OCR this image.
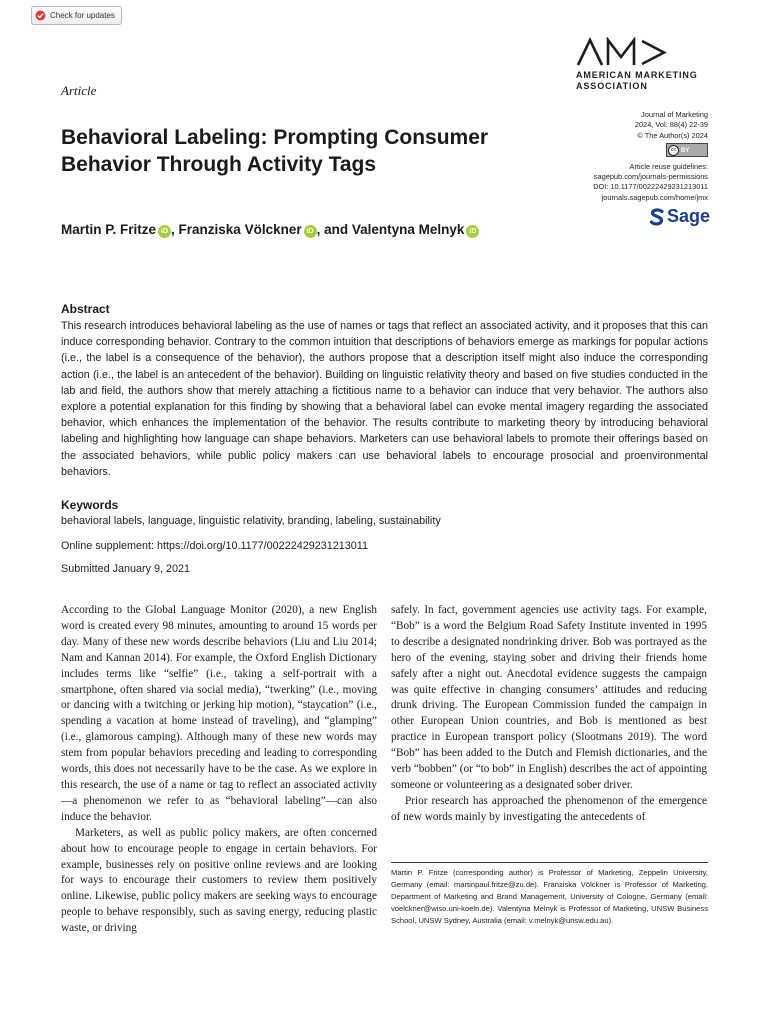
Check for updates
AMERICAN MARKETING
ASSOCIATION
Article
Behavioral Labeling: Prompting Consumer Behavior Through Activity Tags
Journal of Marketing
2024, Vol. 88(4) 22-39
© The Author(s) 2024
cc BY
Article reuse guidelines:
sagepub.com/journals-permissions
DOI: 10.1177/00222429231213011
journals.sagepub.com/home/jmx
Sage
Martin P. Fritze iD , Franziska Völckner iD , and Valentyna Melnyk iD
Abstract

This research introduces behavioral labeling as the use of names or tags that reflect an associated activity, and it proposes that this can induce corresponding behavior. Contrary to the common intuition that descriptions of behaviors emerge as markings for popular actions (i.e., the label is a consequence of the behavior), the authors propose that a description itself might also induce the corresponding action (i.e., the label is an antecedent of the behavior). Building on linguistic relativity theory and based on five studies conducted in the lab and field, the authors show that merely attaching a fictitious name to a behavior can induce that very behavior. The authors also explore a potential explanation for this finding by showing that a behavioral label can evoke mental imagery regarding the associated behavior, which enhances the implementation of the behavior. The results contribute to marketing theory by introducing behavioral labeling and highlighting how language can shape behaviors. Marketers can use behavioral labels to promote their offerings based on the associated behaviors, while public policy makers can use behavioral labels to encourage prosocial and proenvironmental behaviors.

Keywords
behavioral labels, language, linguistic relativity, branding, labeling, sustainability
Online supplement: https://doi.org/10.1177/00222429231213011
Submitted January 9, 2021

According to the Global Language Monitor (2020), a new English word is created every 98 minutes, amounting to around 15 words per day. Many of these new words describe behaviors (Liu and Liu 2014; Nam and Kannan 2014). For example, the Oxford English Dictionary includes terms like “selfie” (i.e., taking a self-portrait with a smartphone, often shared via social media), “twerking” (i.e., moving or dancing with a twitching or jerking hip motion), “staycation” (i.e., spending a vacation at home instead of traveling), and “glamping” (i.e., glamorous camping). Although many of these new words may stem from popular behaviors preceding and leading to corresponding words, this does not necessarily have to be the case. As we explore in this research, the use of a name or tag to reflect an associated activity—a phenomenon we refer to as “behavioral labeling”—can also induce the behavior.

Marketers, as well as public policy makers, are often concerned about how to encourage people to engage in certain behaviors. For example, businesses rely on positive online reviews and are looking for ways to encourage their customers to review them positively online. Likewise, public policy makers are seeking ways to encourage people to behave responsibly, such as saving energy, reducing plastic waste, or driving

safely. In fact, government agencies use activity tags. For example, “Bob” is a word the Belgium Road Safety Institute invented in 1995 to describe a designated nondrinking driver. Bob was portrayed as the hero of the evening, staying sober and driving their friends home safely after a night out. Anecdotal evidence suggests the campaign was quite effective in changing consumers’ attitudes and reducing drunk driving. The European Commission funded the campaign in other European Union countries, and Bob is mentioned as best practice in European transport policy (Slootmans 2019). The word “Bob” has been added to the Dutch and Flemish dictionaries, and the verb “bobben” (or “to bob” in English) describes the act of appointing someone or volunteering as a designated sober driver.

Prior research has approached the phenomenon of the emergence of new words mainly by investigating the antecedents of

Martin P. Fritze (corresponding author) is Professor of Marketing, Zeppelin University, Germany (email: martinpaul.fritze@zu.de). Franziska Völckner is Professor of Marketing, Department of Marketing and Brand Management, University of Cologne, Germany (email: voelckner@wiso.uni-koeln.de). Valentyna Melnyk is Professor of Marketing, UNSW Business School, UNSW Sydney, Australia (email: v.melnyk@unsw.edu.au).
